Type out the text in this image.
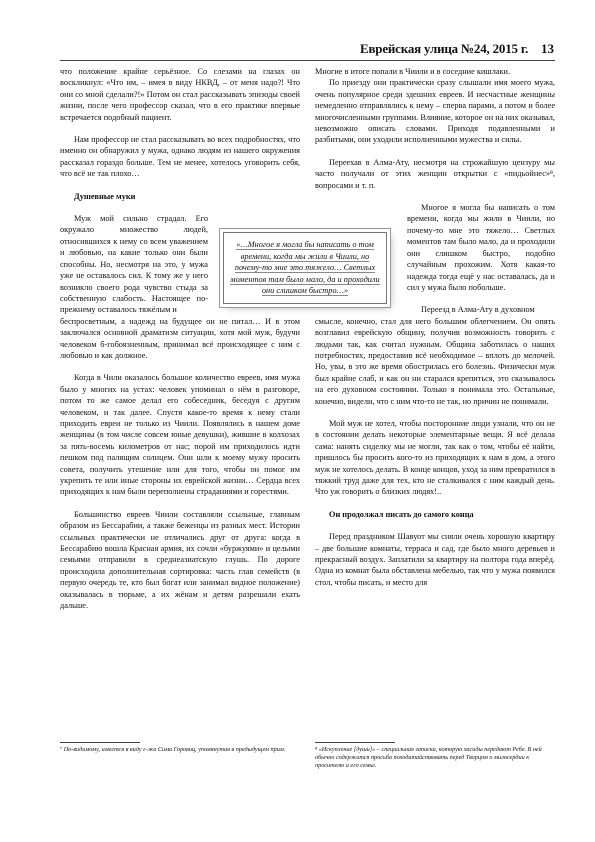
Еврейская улица №24, 2015 г. 13

что положение крайне серьёзное. Со слезами на глазах он воскликнул: «Что им, – имея в виду НКВД, – от меня надо?! Что они со мной сделали?!» Потом он стал рассказывать эпизоды своей жизни, после чего профессор сказал, что в его практике впервые встречается подобный пациент.

Нам профессор не стал рассказывать во всех подробностях, что именно он обнаружил у мужа, однако людям из нашего окружения рассказал гораздо больше. Тем не менее, хотелось уговорить себя, что всё не так плохо…

Душевные муки

Муж мой сильно страдал. Его окружало множество людей, относившихся к нему со всем уважением и любовью, на какие только они были способны. Но, несмотря на это, у мужа уже не оставалось сил. К тому же у него возникло своего рода чувство стыда за собственную слабость. Настоящее по-прежнему оставалось тяжёлым и

беспросветным, а надежд на будущее он не питал… И в этом заключался основной драматизм ситуации, хотя мой муж, будучи человеком б-гобоязненным, принимал всё происходящее с ним с любовью и как должное.

Когда в Чили оказалось большое количество евреев, имя мужа было у многих на устах: человек упоминал о нём в разговоре, потом то же самое делал его собеседник, беседуя с другим человеком, и так далее. Спустя какое-то время к нему стали приходить евреи не только из Чиили. Появлялись в нашем доме женщины (в том числе совсем юные девушки), жившие в колхозах за пять-восемь километров от нас; порой им приходилось идти пешком под палящим солнцем. Они шли к моему мужу просить совета, получить утешение или для того, чтобы он помог им укрепить те или иные стороны их еврейской жизни… Сердца всех приходящих к нам были переполнены страданиями и горестями.

Большинство евреев Чиили составляли ссыльные, главным образом из Бессарабии, а также беженцы из разных мест. Истории ссыльных практически не отличались друг от друга: когда в Бессарабию вошла Красная армия, их сочли «буржуями» и целыми семьями отправили в среднеазиатскую глушь. По дороге происходила дополнительная сортировка: часть глав семейств (в первую очередь те, кто был богат или занимал видное положение) оказывалась в тюрьме, а их жёнам и детям разрешали ехать дальше.

Многие в итоге попали в Чиили и в соседние кишлаки.

По приезду они практически сразу слышали имя моего мужа, очень популярное среди здешних евреев. И несчастные женщины немедленно отправлялись к нему – сперва парами, а потом и более многочисленными группами. Влияние, которое он на них оказывал, невозможно описать словами. Приходя подавленными и разбитыми, они уходили исполненными мужества и силы.

Переехав в Алма-Ату, несмотря на строжайшую цензуру мы часто получали от этих женщин открытки с «пидьойнес»⁸, вопросами и т. п.

Многое я могла бы написать о том времени, когда мы жили в Чиили, но почему-то мне это тяжело… Светлых моментов там было мало, да и проходили они слишком быстро, подобно случайным прохожим. Хотя какая-то надежда тогда ещё у нас оставалась, да и сил у мужа было побольше.

Переезд в Алма-Ату в духовном

смысле, конечно, стал для него большим облегчением. Он опять возглавил еврейскую общину, получив возможность говорить с людьми так, как считал нужным. Община заботилась о наших потребностях, предоставив всё необходимое – вплоть до мелочей. Но, увы, в это же время обострилась его болезнь. Физически муж был крайне слаб, и как он ни старался крепиться, это сказывалось на его духовном состоянии. Только я понимала это. Остальные, конечно, видели, что с ним что-то не так, но причин не понимали.

Мой муж не хотел, чтобы посторонние люди узнали, что он не в состоянии делать некоторые элементарные вещи. Я всё делала сама: нанять сиделку мы не могли, так как о том, чтобы её найти, пришлось бы просить кого-то из приходящих к нам в дом, а этого муж не хотелось делать. В конце концов, уход за ним превратился в тяжкий труд даже для тех, кто не сталкивался с ним каждый день. Что уж говорить о близких людях!..

Он продолжал писать до самого конца

Перед праздником Шавуот мы сняли очень хорошую квартиру – две большие комнаты, терраса и сад, где было много деревьев и прекрасный воздух. Заплатили за квартиру на полтора года вперёд. Одна из комнат была обставлена мебелью, так что у мужа появился стол, чтобы писать, и место для

«…Многое я могла бы написать о том времени, когда мы жили в Чиили, но почему-то мне это тяжело… Светлых моментов там было мало, да и проходили они слишком быстро…»
⁷ По-видимому, имеется в виду г-жа Сима Горовиц, упомянутая в предыдущем прим.	⁸ «Искупление [души]» – специальная записка, которую хасиды передают Ребе. В ней обычно содержится просьба походатайствовать перед Творцом о милосердии к просителю и его семье.
